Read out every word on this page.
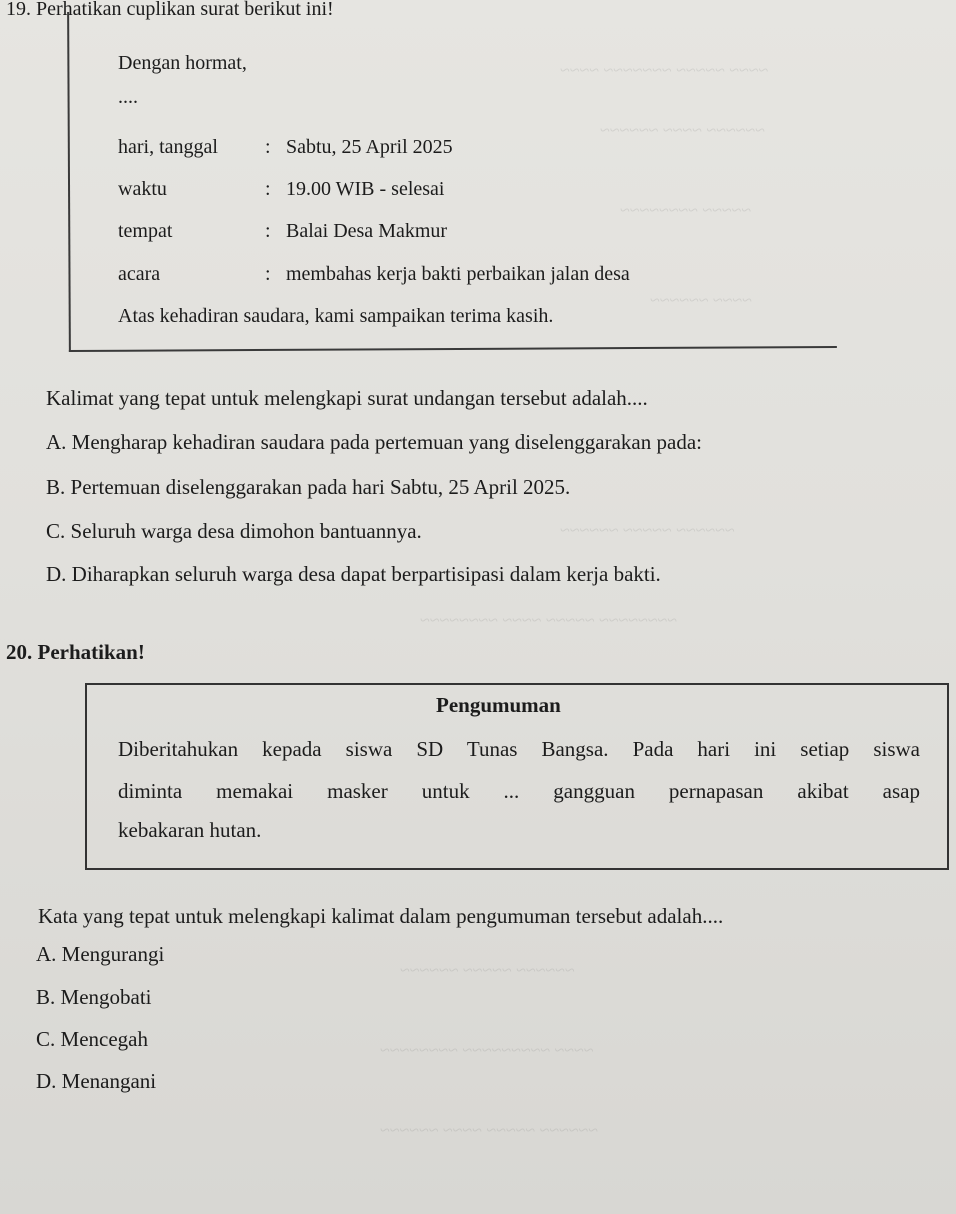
~~~~ ~~~~~ ~~~~~~~ ~~~~
~~~~~~ ~~~~ ~~~~~~
~~~~~ ~~~~~~~~
~~~~ ~~~~~~
~~~~~~ ~~~~~ ~~~~~~
~~~~~~~~ ~~~~~ ~~~~ ~~~~~~~~
~~~~~~ ~~~~~ ~~~~~~
~~~~ ~~~~~~~~~ ~~~~~~~~
~~~~~~ ~~~~~ ~~~~ ~~~~~~
19. Perhatikan cuplikan surat berikut ini!
Dengan hormat,
....
hari, tanggal : Sabtu, 25 April 2025
waktu	: 19.00 WIB - selesai
tempat	: Balai Desa Makmur
acara	: membahas kerja bakti perbaikan jalan desa
Atas kehadiran saudara, kami sampaikan terima kasih.
Kalimat yang tepat untuk melengkapi surat undangan tersebut adalah....
A. Mengharap kehadiran saudara pada pertemuan yang diselenggarakan pada:
B. Pertemuan diselenggarakan pada hari Sabtu, 25 April 2025.
C. Seluruh warga desa dimohon bantuannya.
D. Diharapkan seluruh warga desa dapat berpartisipasi dalam kerja bakti.
20. Perhatikan!
Pengumuman
Diberitahukan kepada siswa SD Tunas Bangsa. Pada hari ini setiap siswa
diminta memakai masker untuk ... gangguan pernapasan akibat asap
kebakaran hutan.
Kata yang tepat untuk melengkapi kalimat dalam pengumuman tersebut adalah....
A. Mengurangi
B. Mengobati
C. Mencegah
D. Menangani
